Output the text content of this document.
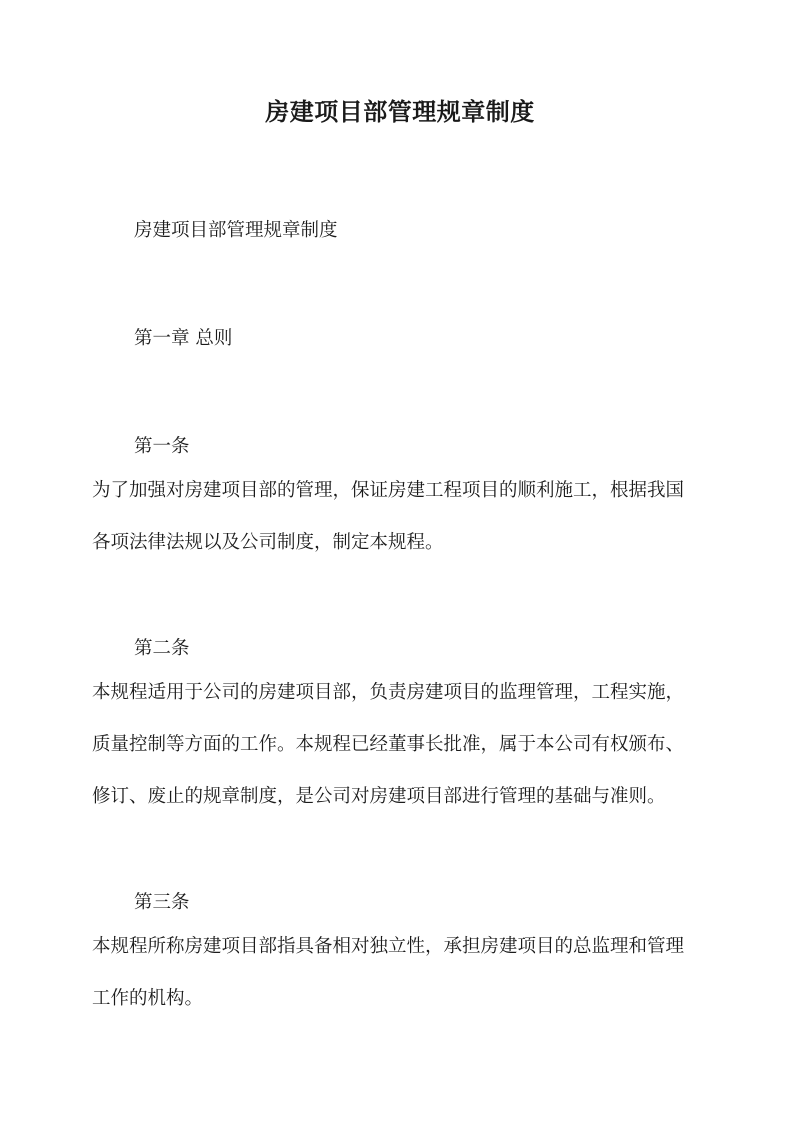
房建项目部管理规章制度

房建项目部管理规章制度

第一章 总则

第一条

为了加强对房建项目部的管理，保证房建工程项目的顺利施工，根据我国
各项法律法规以及公司制度，制定本规程。

第二条

本规程适用于公司的房建项目部，负责房建项目的监理管理，工程实施，
质量控制等方面的工作。本规程已经董事长批准，属于本公司有权颁布、
修订、废止的规章制度，是公司对房建项目部进行管理的基础与准则。

第三条

本规程所称房建项目部指具备相对独立性，承担房建项目的总监理和管理
工作的机构。
